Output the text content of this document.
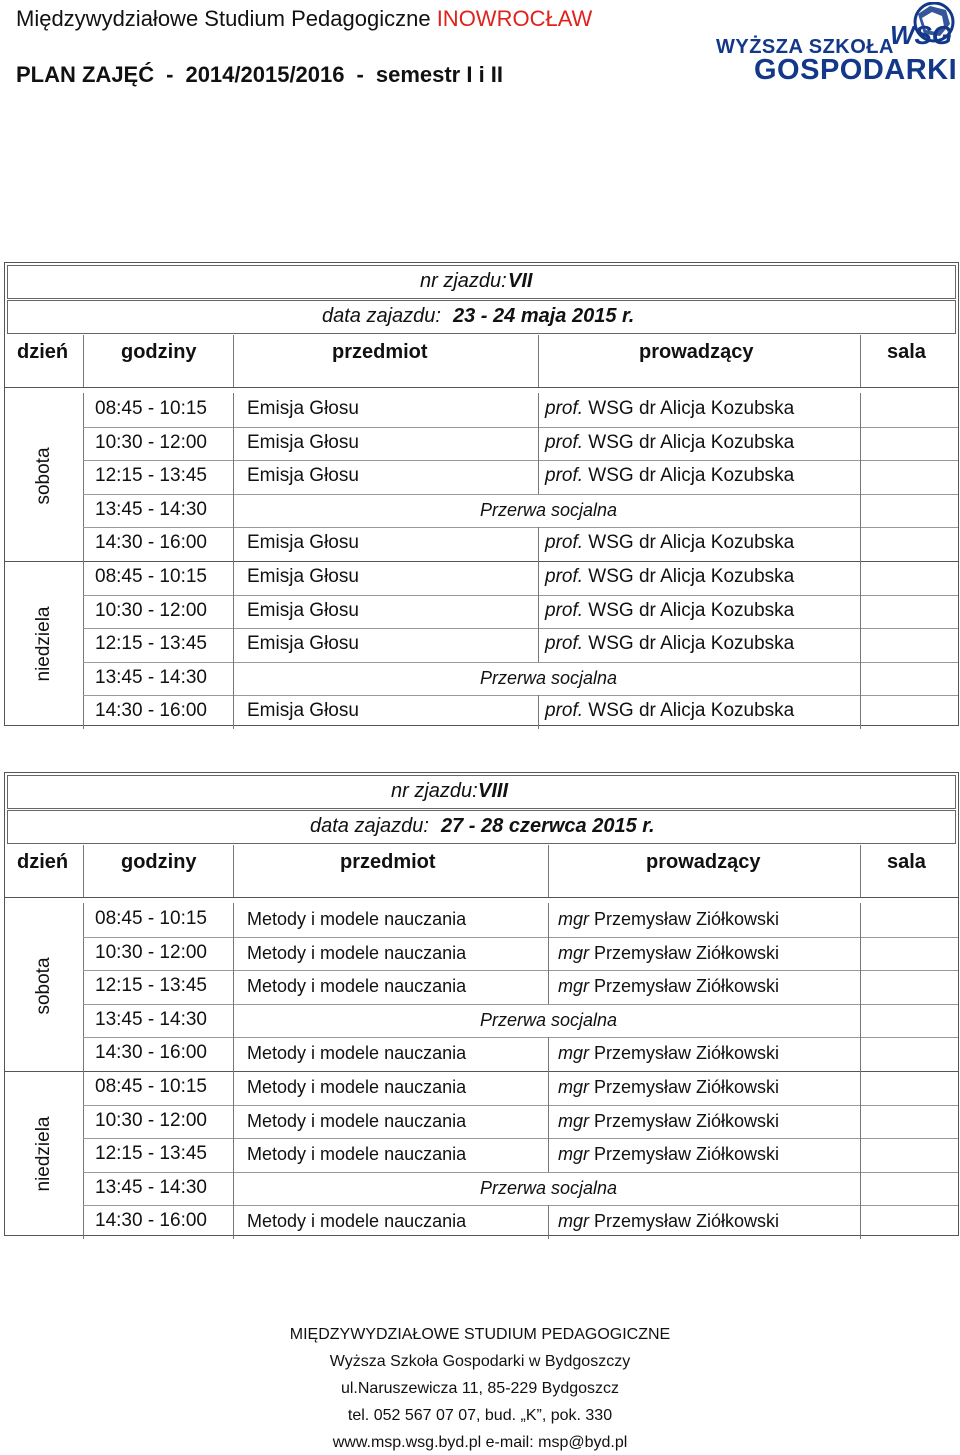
Międzywydziałowe Studium Pedagogiczne INOWROCŁAW
PLAN ZAJĘĆ - 2014/2015/2016 - semestr I i II
WSG
WYŻSZA SZKOŁA
GOSPODARKI
nr zjazdu: VII
data zajazdu: 23 - 24 maja 2015 r.
dzień	godziny	przedmiot	prowadzący	sala
sobota
08:45 - 10:15 Emisja Głosu	prof. WSG dr Alicja Kozubska
10:30 - 12:00 Emisja Głosu	prof. WSG dr Alicja Kozubska
12:15 - 13:45 Emisja Głosu	prof. WSG dr Alicja Kozubska
13:45 - 14:30	Przerwa socjalna
14:30 - 16:00 Emisja Głosu	prof. WSG dr Alicja Kozubska
niedziela
08:45 - 10:15 Emisja Głosu	prof. WSG dr Alicja Kozubska
10:30 - 12:00 Emisja Głosu	prof. WSG dr Alicja Kozubska
12:15 - 13:45 Emisja Głosu	prof. WSG dr Alicja Kozubska
13:45 - 14:30	Przerwa socjalna
14:30 - 16:00 Emisja Głosu	prof. WSG dr Alicja Kozubska
nr zjazdu: VIII
data zajazdu: 27 - 28 czerwca 2015 r.
dzień	godziny	przedmiot	prowadzący	sala
sobota
08:45 - 10:15 Metody i modele nauczania	mgr Przemysław Ziółkowski
10:30 - 12:00 Metody i modele nauczania	mgr Przemysław Ziółkowski
12:15 - 13:45 Metody i modele nauczania	mgr Przemysław Ziółkowski
13:45 - 14:30	Przerwa socjalna
14:30 - 16:00 Metody i modele nauczania	mgr Przemysław Ziółkowski
niedziela
08:45 - 10:15 Metody i modele nauczania	mgr Przemysław Ziółkowski
10:30 - 12:00 Metody i modele nauczania	mgr Przemysław Ziółkowski
12:15 - 13:45 Metody i modele nauczania	mgr Przemysław Ziółkowski
13:45 - 14:30	Przerwa socjalna
14:30 - 16:00 Metody i modele nauczania	mgr Przemysław Ziółkowski
MIĘDZYWYDZIAŁOWE STUDIUM PEDAGOGICZNE
Wyższa Szkoła Gospodarki w Bydgoszczy
ul.Naruszewicza 11, 85-229 Bydgoszcz
tel. 052 567 07 07, bud. „K”, pok. 330
www.msp.wsg.byd.pl e-mail: msp@byd.pl
